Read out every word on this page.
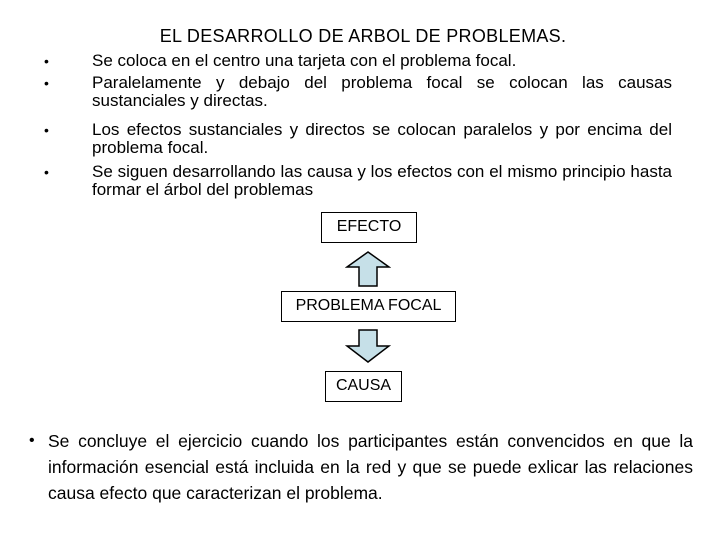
EL DESARROLLO DE ARBOL DE PROBLEMAS.
•	Se coloca en el centro una tarjeta con el problema focal.
•	Paralelamente y debajo del problema focal se colocan las causas sustanciales y directas.
•	Los efectos sustanciales y directos se colocan paralelos y por encima del problema focal.
•	Se siguen desarrollando las causa y los efectos con el mismo principio hasta formar el árbol del problemas
EFECTO
PROBLEMA FOCAL
CAUSA
• Se concluye el ejercicio cuando los participantes están convencidos en que la información esencial está incluida en la red y que se puede exlicar las relaciones causa efecto que caracterizan el problema.
